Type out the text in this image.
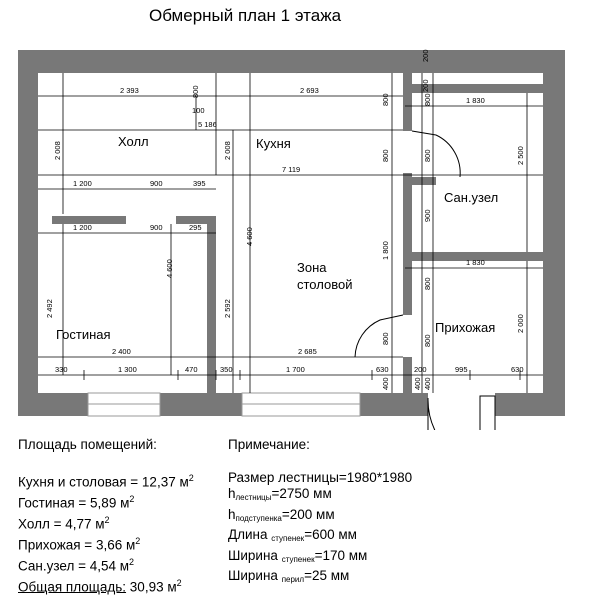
Обмерный план 1 этажа
2 393	2 693
800
100
5 186
200
200
1 830
800	800
2 008	2 008	800	800	2 500
7 119
1 200	900	395
1 200	900	295
900
4 600
4 600
1 800
1 830
800
2 492	2 592
2 000
800
2 400	2 685
800
330	1 300	470	350	1 700	630	200	995	630
400	400
400
Холл	Кухня
Зона
столовой
Сан.узел
Гостиная	Прихожая
Площадь помещений:
Кухня и столовая = 12,37 $м^2$
Гостиная = 5,89 $м^2$
Холл = 4,77 $м^2$
Прихожая = 3,66 $м^2$
Сан.узел = 4,54 $м^2$
Общая площадь: 30,93 $м^2$
Примечание:
Размер лестницы=1980*1980
$h_{лестницы}=2750$ мм
$h_{подступенка}=200$ мм
Длина $_{ступенек}$=600 мм
Ширина $_{ступенек}$=170 мм
Ширина $_{перил}$=25 мм
